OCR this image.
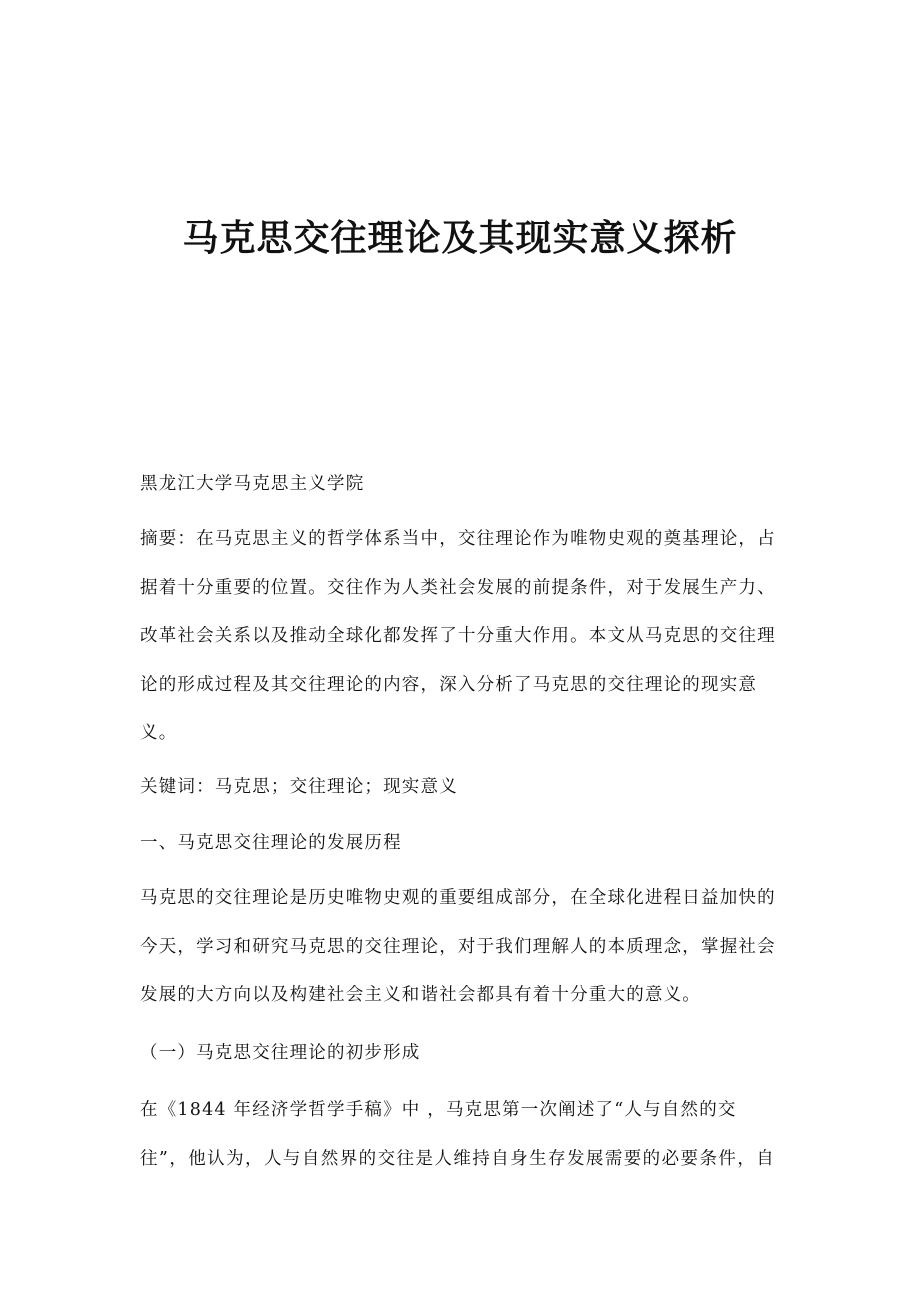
马克思交往理论及其现实意义探析

黑龙江大学马克思主义学院

摘要：在马克思主义的哲学体系当中，交往理论作为唯物史观的奠基理论，占
据着十分重要的位置。交往作为人类社会发展的前提条件，对于发展生产力、
改革社会关系以及推动全球化都发挥了十分重大作用。本文从马克思的交往理
论的形成过程及其交往理论的内容，深入分析了马克思的交往理论的现实意
义。

关键词：马克思；交往理论；现实意义

一、马克思交往理论的发展历程

马克思的交往理论是历史唯物史观的重要组成部分，在全球化进程日益加快的
今天，学习和研究马克思的交往理论，对于我们理解人的本质理念，掌握社会
发展的大方向以及构建社会主义和谐社会都具有着十分重大的意义。

（一）马克思交往理论的初步形成

在《1844 年经济学哲学手稿》中 ，马克思第一次阐述了“人与自然的交
往”，他认为，人与自然界的交往是人维持自身生存发展需要的必要条件，自
